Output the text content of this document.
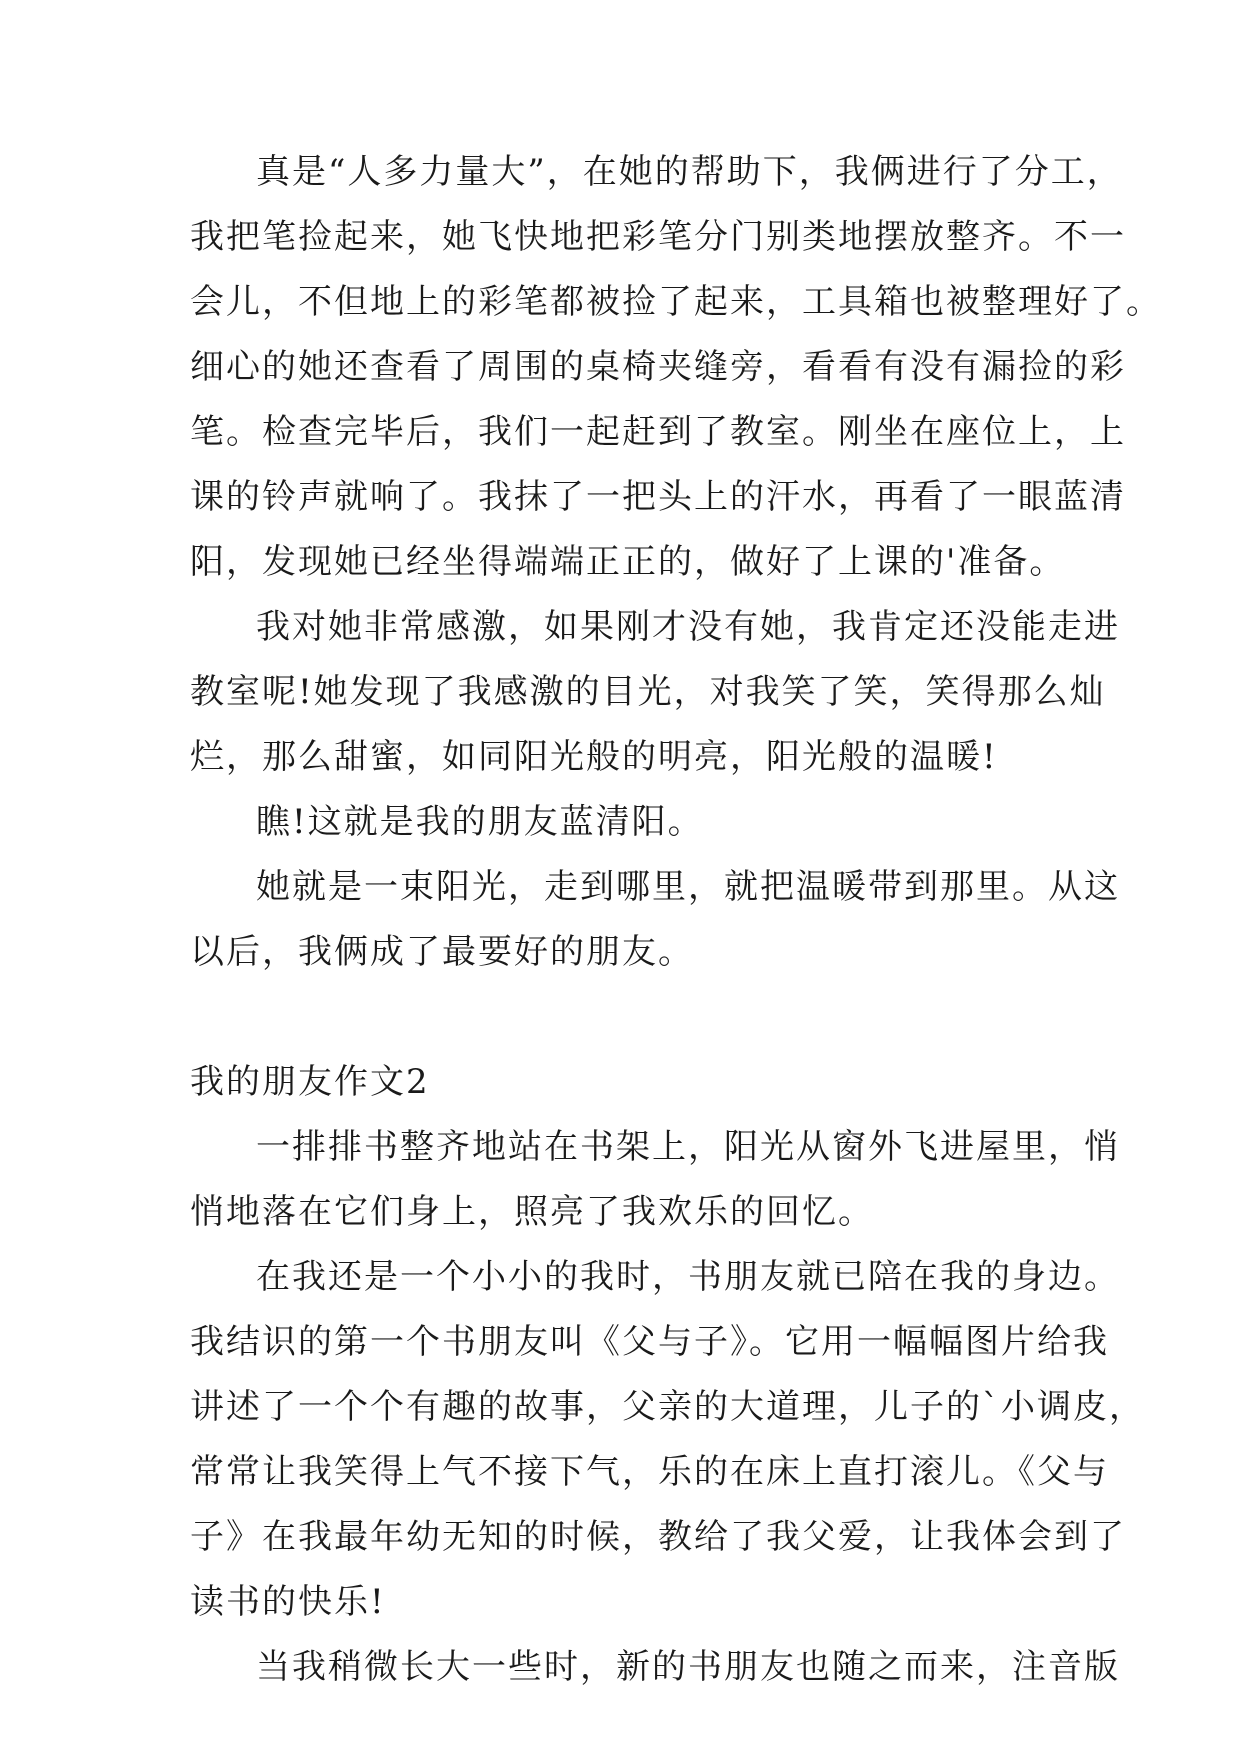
真是“人多力量大”，在她的帮助下，我俩进行了分工，
我把笔捡起来，她飞快地把彩笔分门别类地摆放整齐。不一
会儿，不但地上的彩笔都被捡了起来，工具箱也被整理好了。
细心的她还查看了周围的桌椅夹缝旁，看看有没有漏捡的彩
笔。检查完毕后，我们一起赶到了教室。刚坐在座位上，上
课的铃声就响了。我抹了一把头上的汗水，再看了一眼蓝清
阳，发现她已经坐得端端正正的，做好了上课的'准备。
我对她非常感激，如果刚才没有她，我肯定还没能走进
教室呢!她发现了我感激的目光，对我笑了笑，笑得那么灿
烂，那么甜蜜，如同阳光般的明亮，阳光般的温暖!
瞧!这就是我的朋友蓝清阳。
她就是一束阳光，走到哪里，就把温暖带到那里。从这
以后，我俩成了最要好的朋友。
我的朋友作文2
一排排书整齐地站在书架上，阳光从窗外飞进屋里，悄
悄地落在它们身上，照亮了我欢乐的回忆。
在我还是一个小小的我时，书朋友就已陪在我的身边。
我结识的第一个书朋友叫《父与子》。它用一幅幅图片给我
讲述了一个个有趣的故事，父亲的大道理，儿子的`小调皮，
常常让我笑得上气不接下气，乐的在床上直打滚儿。《父与
子》在我最年幼无知的时候，教给了我父爱，让我体会到了
读书的快乐!
当我稍微长大一些时，新的书朋友也随之而来，注音版
